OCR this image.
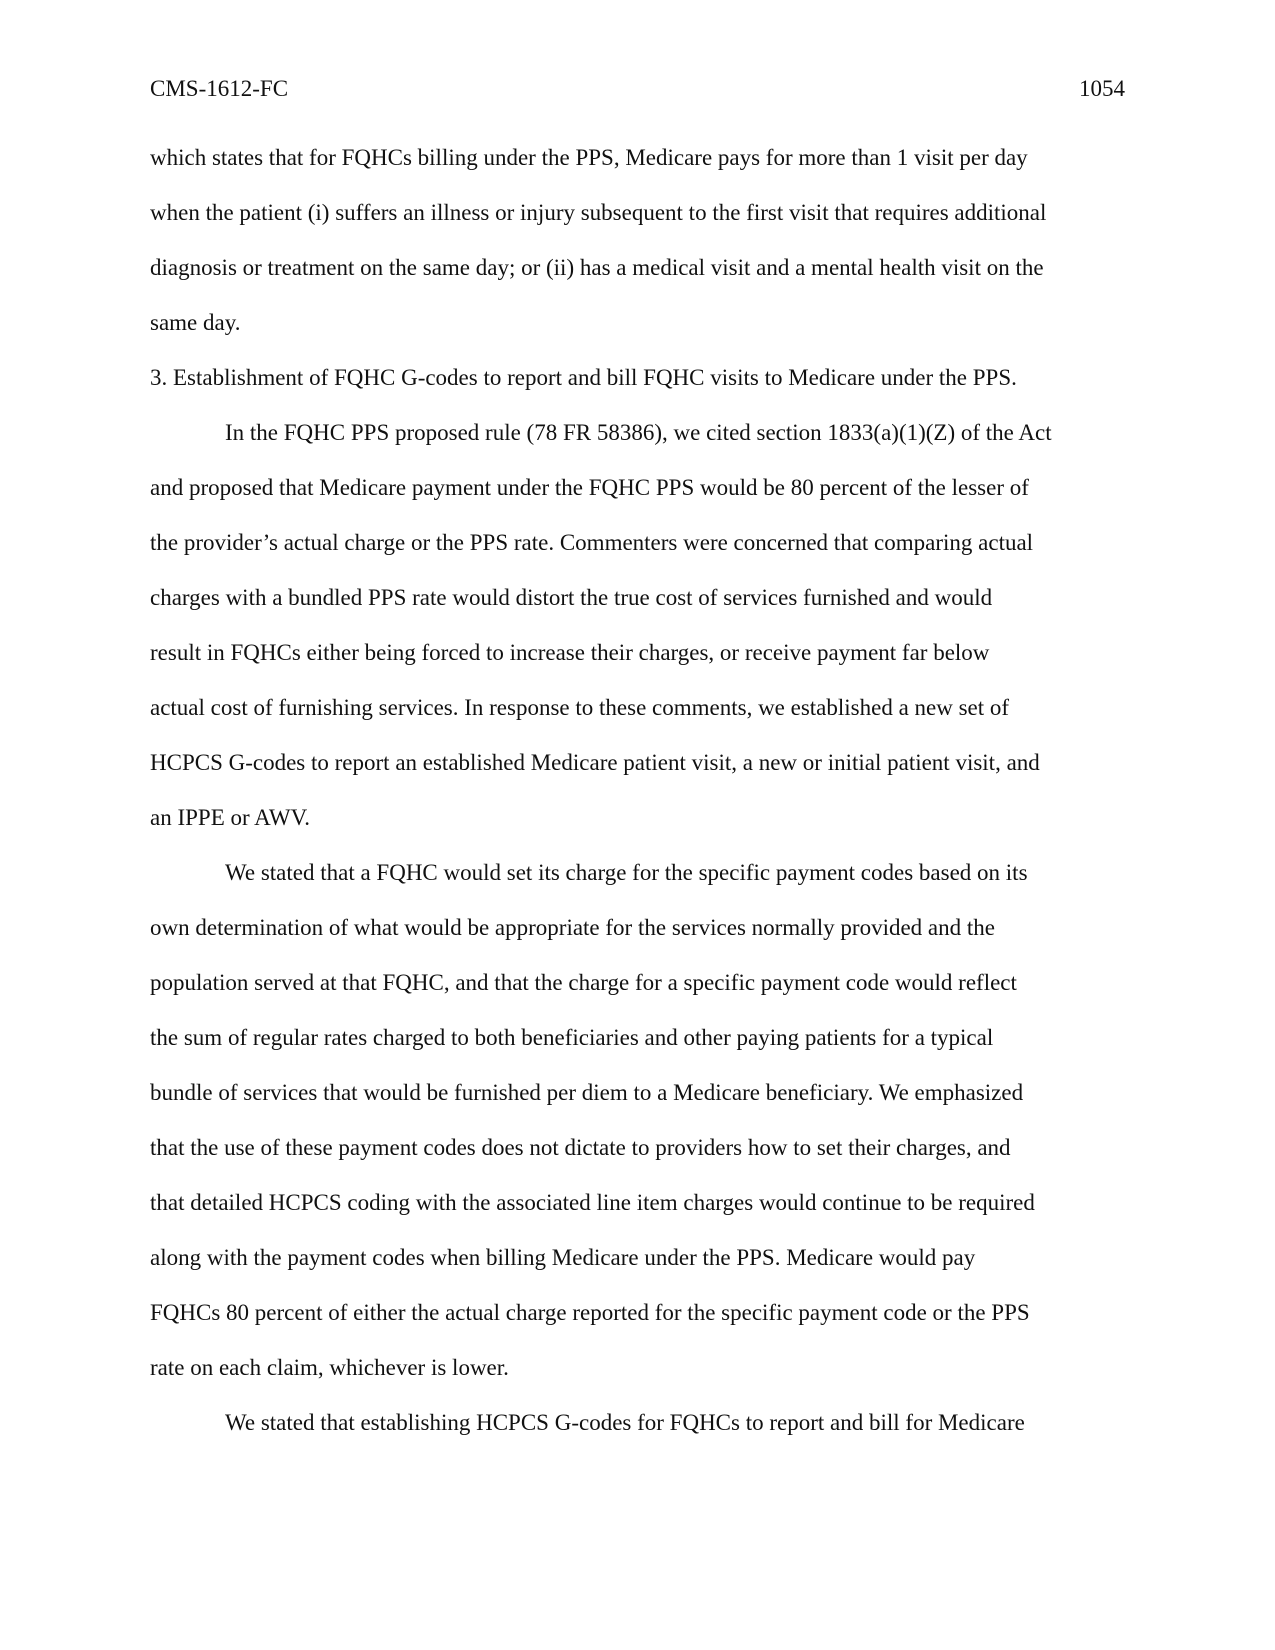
CMS-1612-FC	1054
which states that for FQHCs billing under the PPS, Medicare pays for more than 1 visit per day
when the patient (i) suffers an illness or injury subsequent to the first visit that requires additional
diagnosis or treatment on the same day; or (ii) has a medical visit and a mental health visit on the
same day.
3. Establishment of FQHC G-codes to report and bill FQHC visits to Medicare under the PPS.
In the FQHC PPS proposed rule (78 FR 58386), we cited section 1833(a)(1)(Z) of the Act
and proposed that Medicare payment under the FQHC PPS would be 80 percent of the lesser of
the provider’s actual charge or the PPS rate. Commenters were concerned that comparing actual
charges with a bundled PPS rate would distort the true cost of services furnished and would
result in FQHCs either being forced to increase their charges, or receive payment far below
actual cost of furnishing services. In response to these comments, we established a new set of
HCPCS G-codes to report an established Medicare patient visit, a new or initial patient visit, and
an IPPE or AWV.
We stated that a FQHC would set its charge for the specific payment codes based on its
own determination of what would be appropriate for the services normally provided and the
population served at that FQHC, and that the charge for a specific payment code would reflect
the sum of regular rates charged to both beneficiaries and other paying patients for a typical
bundle of services that would be furnished per diem to a Medicare beneficiary. We emphasized
that the use of these payment codes does not dictate to providers how to set their charges, and
that detailed HCPCS coding with the associated line item charges would continue to be required
along with the payment codes when billing Medicare under the PPS. Medicare would pay
FQHCs 80 percent of either the actual charge reported for the specific payment code or the PPS
rate on each claim, whichever is lower.
We stated that establishing HCPCS G-codes for FQHCs to report and bill for Medicare
